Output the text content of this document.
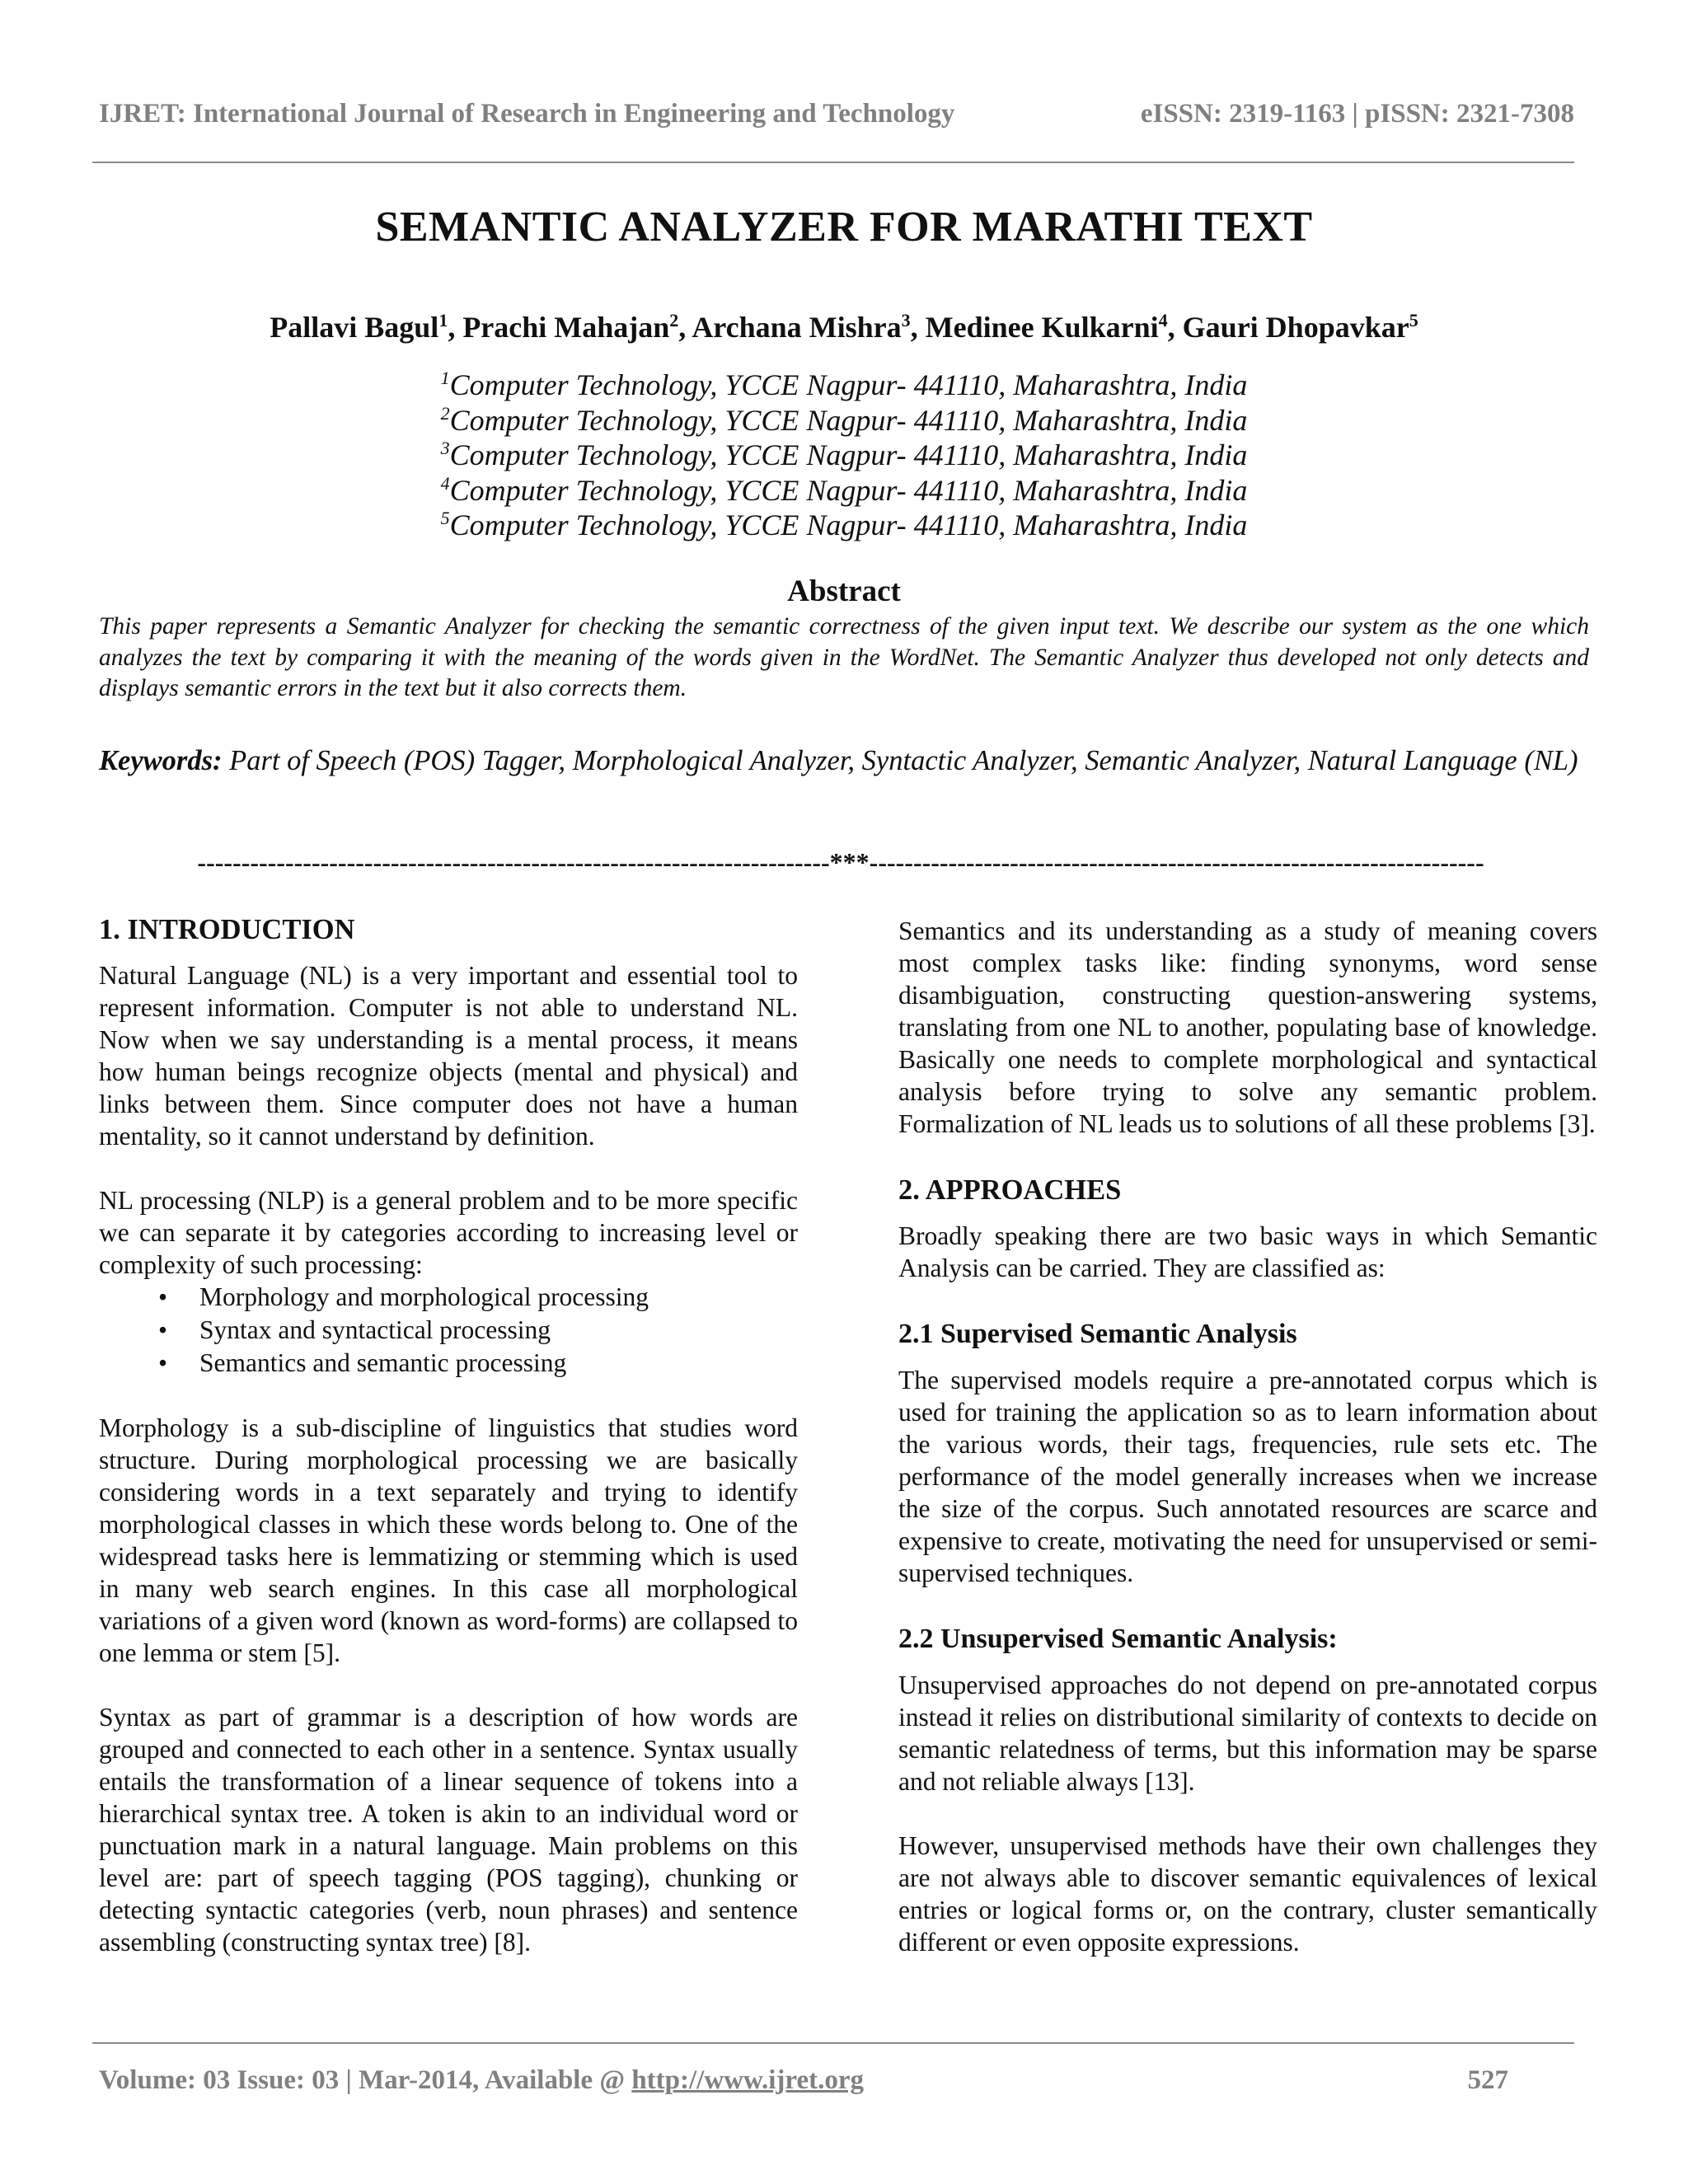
IJRET: International Journal of Research in Engineering and Technology	eISSN: 2319-1163 | pISSN: 2321-7308
SEMANTIC ANALYZER FOR MARATHI TEXT
Pallavi Bagul$^1$, Prachi Mahajan$^2$, Archana Mishra$^3$, Medinee Kulkarni$^4$, Gauri Dhopavkar$^5$
$^1$Computer Technology, YCCE Nagpur- 441110, Maharashtra, India
$^2$Computer Technology, YCCE Nagpur- 441110, Maharashtra, India
$^3$Computer Technology, YCCE Nagpur- 441110, Maharashtra, India
$^4$Computer Technology, YCCE Nagpur- 441110, Maharashtra, India
$^5$Computer Technology, YCCE Nagpur- 441110, Maharashtra, India
Abstract
This paper represents a Semantic Analyzer for checking the semantic correctness of the given input text. We describe our system as the one which analyzes the text by comparing it with the meaning of the words given in the WordNet. The Semantic Analyzer thus developed not only detects and displays semantic errors in the text but it also corrects them.
Keywords: Part of Speech (POS) Tagger, Morphological Analyzer, Syntactic Analyzer, Semantic Analyzer, Natural Language (NL)
------------------------------------------------------------------------***----------------------------------------------------------------------
1. INTRODUCTION

Natural Language (NL) is a very important and essential tool to represent information. Computer is not able to understand NL. Now when we say understanding is a mental process, it means how human beings recognize objects (mental and physical) and links between them. Since computer does not have a human mentality, so it cannot understand by definition.

NL processing (NLP) is a general problem and to be more specific we can separate it by categories according to increasing level or complexity of such processing:

• Morphology and morphological processing
• Syntax and syntactical processing
• Semantics and semantic processing

Morphology is a sub-discipline of linguistics that studies word structure. During morphological processing we are basically considering words in a text separately and trying to identify morphological classes in which these words belong to. One of the widespread tasks here is lemmatizing or stemming which is used in many web search engines. In this case all morphological variations of a given word (known as word-forms) are collapsed to one lemma or stem [5].

Syntax as part of grammar is a description of how words are grouped and connected to each other in a sentence. Syntax usually entails the transformation of a linear sequence of tokens into a hierarchical syntax tree. A token is akin to an individual word or punctuation mark in a natural language. Main problems on this level are: part of speech tagging (POS tagging), chunking or detecting syntactic categories (verb, noun phrases) and sentence assembling (constructing syntax tree) [8].

Semantics and its understanding as a study of meaning covers most complex tasks like: finding synonyms, word sense disambiguation, constructing question-answering systems, translating from one NL to another, populating base of knowledge. Basically one needs to complete morphological and syntactical analysis before trying to solve any semantic problem. Formalization of NL leads us to solutions of all these problems [3].

2. APPROACHES

Broadly speaking there are two basic ways in which Semantic Analysis can be carried. They are classified as:

2.1 Supervised Semantic Analysis

The supervised models require a pre-annotated corpus which is used for training the application so as to learn information about the various words, their tags, frequencies, rule sets etc. The performance of the model generally increases when we increase the size of the corpus. Such annotated resources are scarce and expensive to create, motivating the need for unsupervised or semi-supervised techniques.

2.2 Unsupervised Semantic Analysis:

Unsupervised approaches do not depend on pre-annotated corpus instead it relies on distributional similarity of contexts to decide on semantic relatedness of terms, but this information may be sparse and not reliable always [13].

However, unsupervised methods have their own challenges they are not always able to discover semantic equivalences of lexical entries or logical forms or, on the contrary, cluster semantically different or even opposite expressions.

Volume: 03 Issue: 03 | Mar-2014, Available @ http://www.ijret.org	527
